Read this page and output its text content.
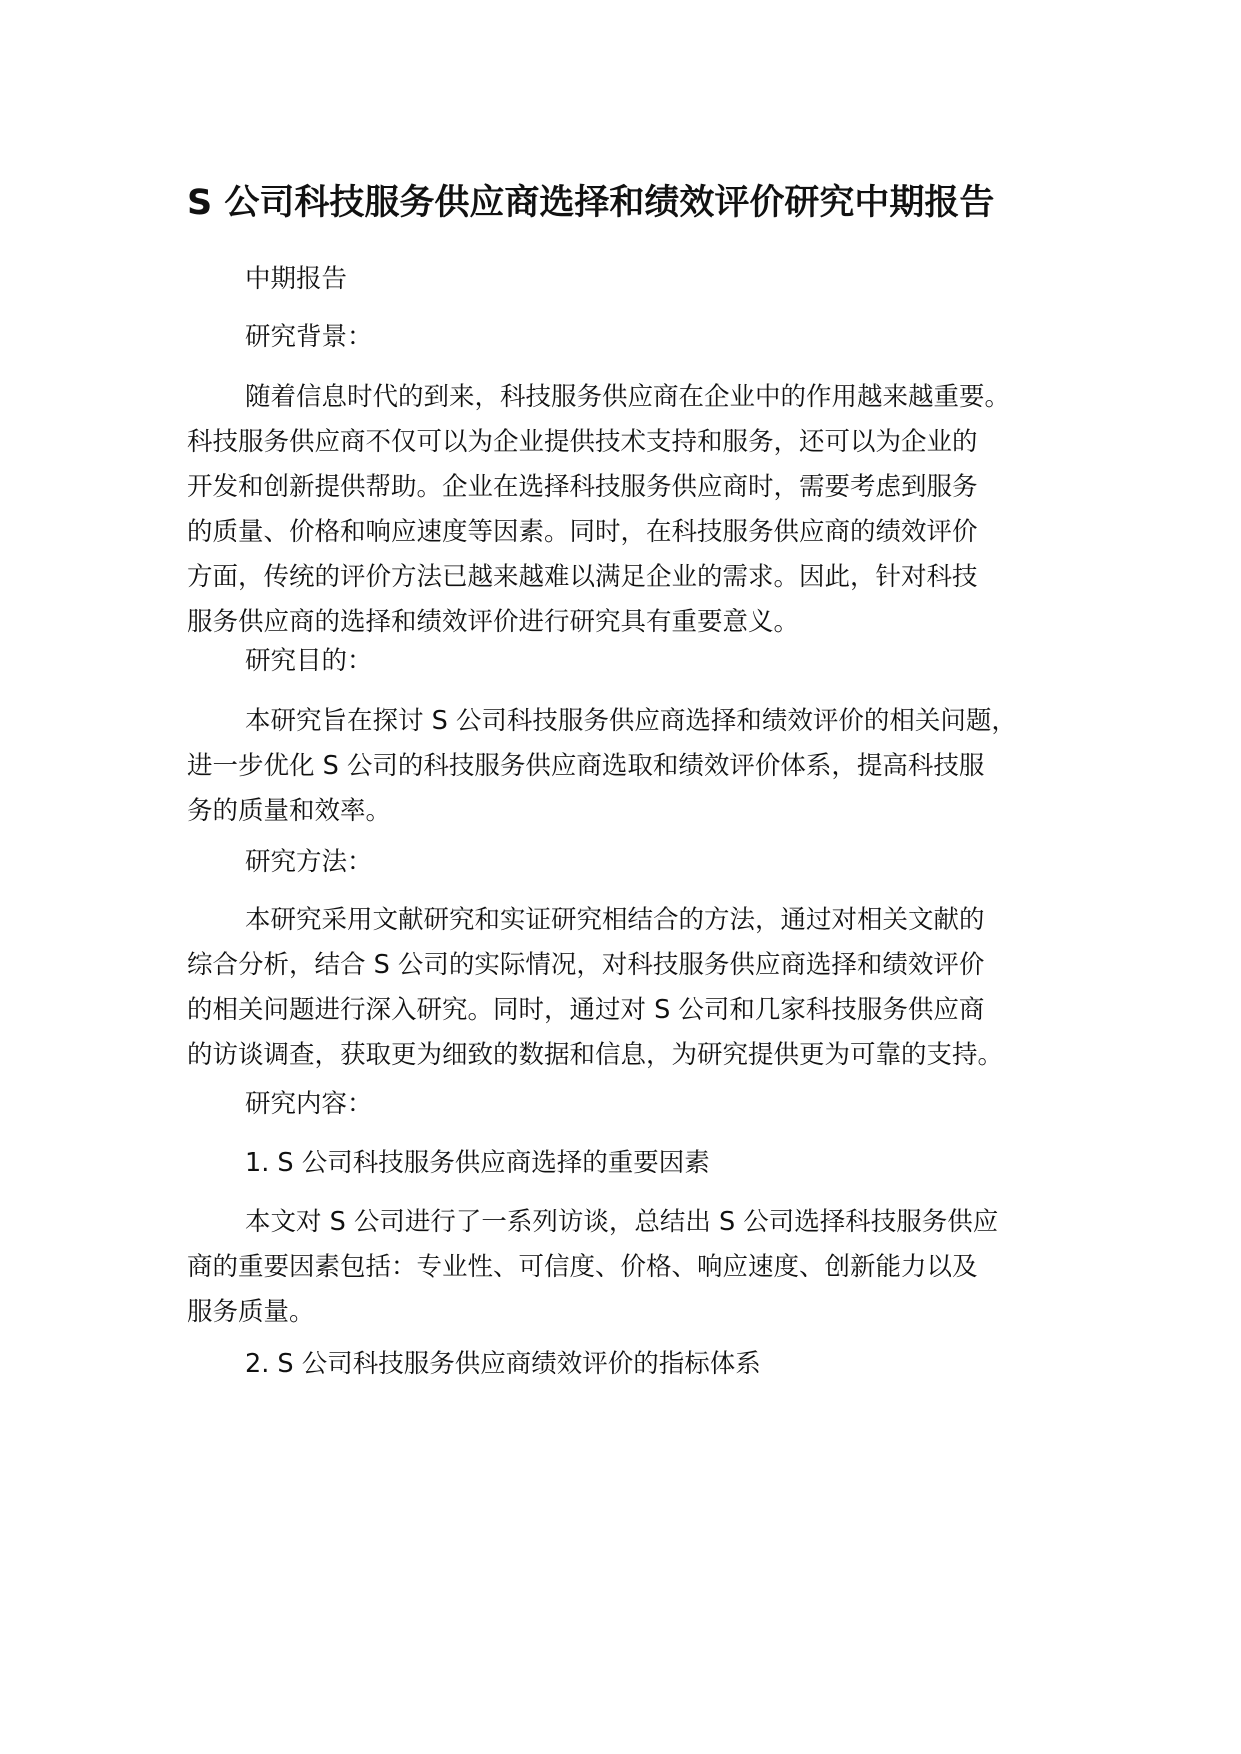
S 公司科技服务供应商选择和绩效评价研究中期报告
中期报告
研究背景：
随着信息时代的到来，科技服务供应商在企业中的作用越来越重要。
科技服务供应商不仅可以为企业提供技术支持和服务，还可以为企业的
开发和创新提供帮助。企业在选择科技服务供应商时，需要考虑到服务
的质量、价格和响应速度等因素。同时，在科技服务供应商的绩效评价
方面，传统的评价方法已越来越难以满足企业的需求。因此，针对科技
服务供应商的选择和绩效评价进行研究具有重要意义。
研究目的：
本研究旨在探讨 S 公司科技服务供应商选择和绩效评价的相关问题，
进一步优化 S 公司的科技服务供应商选取和绩效评价体系，提高科技服
务的质量和效率。
研究方法：
本研究采用文献研究和实证研究相结合的方法，通过对相关文献的
综合分析，结合 S 公司的实际情况，对科技服务供应商选择和绩效评价
的相关问题进行深入研究。同时，通过对 S 公司和几家科技服务供应商
的访谈调查，获取更为细致的数据和信息，为研究提供更为可靠的支持。
研究内容：
1. S 公司科技服务供应商选择的重要因素
本文对 S 公司进行了一系列访谈，总结出 S 公司选择科技服务供应
商的重要因素包括：专业性、可信度、价格、响应速度、创新能力以及
服务质量。
2. S 公司科技服务供应商绩效评价的指标体系
